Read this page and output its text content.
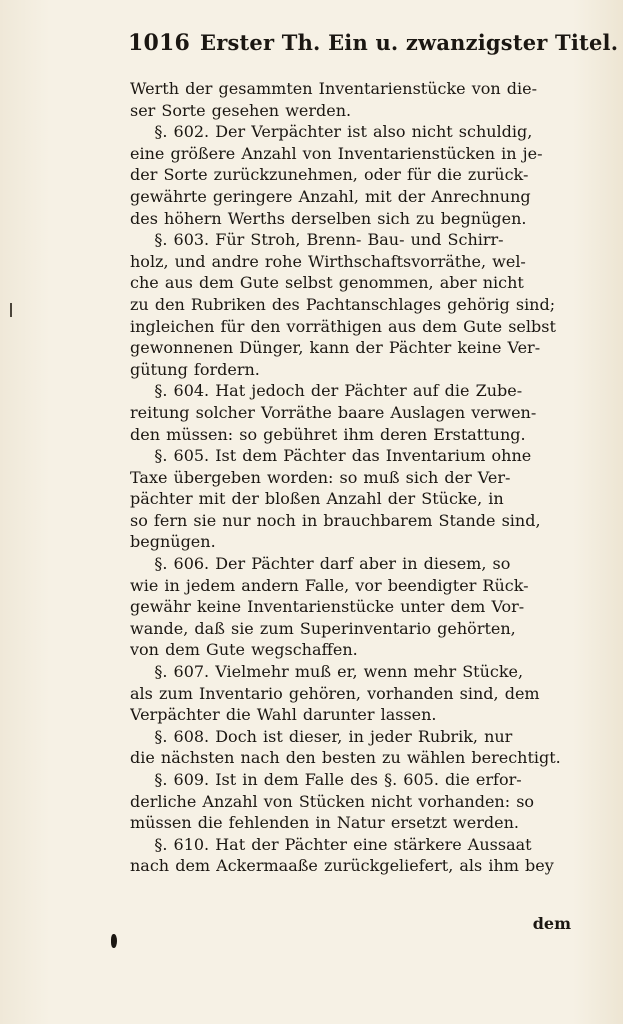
1016 Erster Th. Ein u. zwanzigster Titel.
Werth der gesammten Inventarienstücke von die-
ser Sorte gesehen werden.
§. 602. Der Verpächter ist also nicht schuldig,
eine größere Anzahl von Inventarienstücken in je-
der Sorte zurückzunehmen, oder für die zurück-
gewährte geringere Anzahl, mit der Anrechnung
des höhern Werths derselben sich zu begnügen.
§. 603. Für Stroh, Brenn- Bau- und Schirr-
holz, und andre rohe Wirthschaftsvorräthe, wel-
che aus dem Gute selbst genommen, aber nicht
zu den Rubriken des Pachtanschlages gehörig sind;
ingleichen für den vorräthigen aus dem Gute selbst
gewonnenen Dünger, kann der Pächter keine Ver-
gütung fordern.
§. 604. Hat jedoch der Pächter auf die Zube-
reitung solcher Vorräthe baare Auslagen verwen-
den müssen: so gebühret ihm deren Erstattung.
§. 605. Ist dem Pächter das Inventarium ohne
Taxe übergeben worden: so muß sich der Ver-
pächter mit der bloßen Anzahl der Stücke, in
so fern sie nur noch in brauchbarem Stande sind,
begnügen.
§. 606. Der Pächter darf aber in diesem, so
wie in jedem andern Falle, vor beendigter Rück-
gewähr keine Inventarienstücke unter dem Vor-
wande, daß sie zum Superinventario gehörten,
von dem Gute wegschaffen.
§. 607. Vielmehr muß er, wenn mehr Stücke,
als zum Inventario gehören, vorhanden sind, dem
Verpächter die Wahl darunter lassen.
§. 608. Doch ist dieser, in jeder Rubrik, nur
die nächsten nach den besten zu wählen berechtigt.
§. 609. Ist in dem Falle des §. 605. die erfor-
derliche Anzahl von Stücken nicht vorhanden: so
müssen die fehlenden in Natur ersetzt werden.
§. 610. Hat der Pächter eine stärkere Aussaat
nach dem Ackermaaße zurückgeliefert, als ihm bey
dem
